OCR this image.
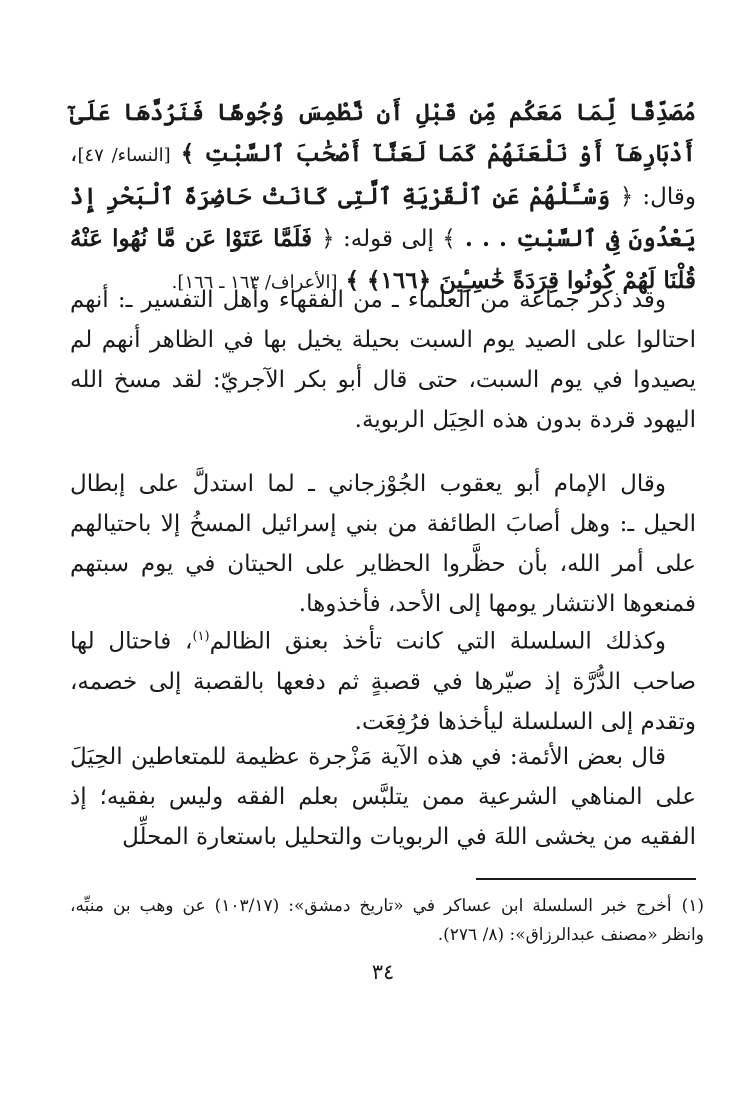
مُصَدِّقًا لِّمَا مَعَكُم مِّن قَبْلِ أَن نَّطْمِسَ وُجُوهًا فَنَرُدَّهَا عَلَىٰٓ أَدْبَارِهَآ أَوْ نَلْعَنَهُمْ كَمَا لَعَنَّآ أَصْحَٰبَ ٱلسَّبْتِ ﴾ [النساء/ ٤٧]، وقال: ﴿ وَسْـَٔلْهُمْ عَنِ ٱلْقَرْيَةِ ٱلَّتِى كَانَتْ حَاضِرَةَ ٱلْبَحْرِ إِذْ يَعْدُونَ فِى ٱلسَّبْتِ . . . ﴾ إلى قوله: ﴿ فَلَمَّا عَتَوْا عَن مَّا نُهُوا عَنْهُ قُلْنَا لَهُمْ كُونُوا قِرَدَةً خَٰسِـِٔينَ ﴿١٦٦﴾ ﴾ [الأعراف/ ١٦٣ ـ ١٦٦].

وقد ذكر جماعة من العلماء ـ من الفقهاء وأهل التفسير ـ: أنهم احتالوا على الصيد يوم السبت بحيلة يخيل بها في الظاهر أنهم لم يصيدوا في يوم السبت، حتى قال أبو بكر الآجريّ: لقد مسخ الله اليهود قردة بدون هذه الحِيَل الربوية.

وقال الإمام أبو يعقوب الجُوْزجاني ـ لما استدلَّ على إبطال الحيل ـ: وهل أصابَ الطائفة من بني إسرائيل المسخُ إلا باحتيالهم على أمر الله، بأن حظَّروا الحظاير على الحيتان في يوم سبتهم فمنعوها الانتشار يومها إلى الأحد، فأخذوها.

وكذلك السلسلة التي كانت تأخذ بعنق الظالم$^{(١)}$، فاحتال لها صاحب الدُّرَّة إذ صيّرها في قصبةٍ ثم دفعها بالقصبة إلى خصمه، وتقدم إلى السلسلة ليأخذها فرُفِعَت.

قال بعض الأئمة: في هذه الآية مَزْجرة عظيمة للمتعاطين الحِيَلَ على المناهي الشرعية ممن يتلبَّس بعلم الفقه وليس بفقيه؛ إذ الفقيه من يخشى اللهَ في الربويات والتحليل باستعارة المحلِّل

(١)أخرج خبر السلسلة ابن عساكر في «تاريخ دمشق»: (١٠٣/١٧) عن وهب بن منبِّه، وانظر «مصنف عبدالرزاق»: (٨/ ٢٧٦).

٣٤
